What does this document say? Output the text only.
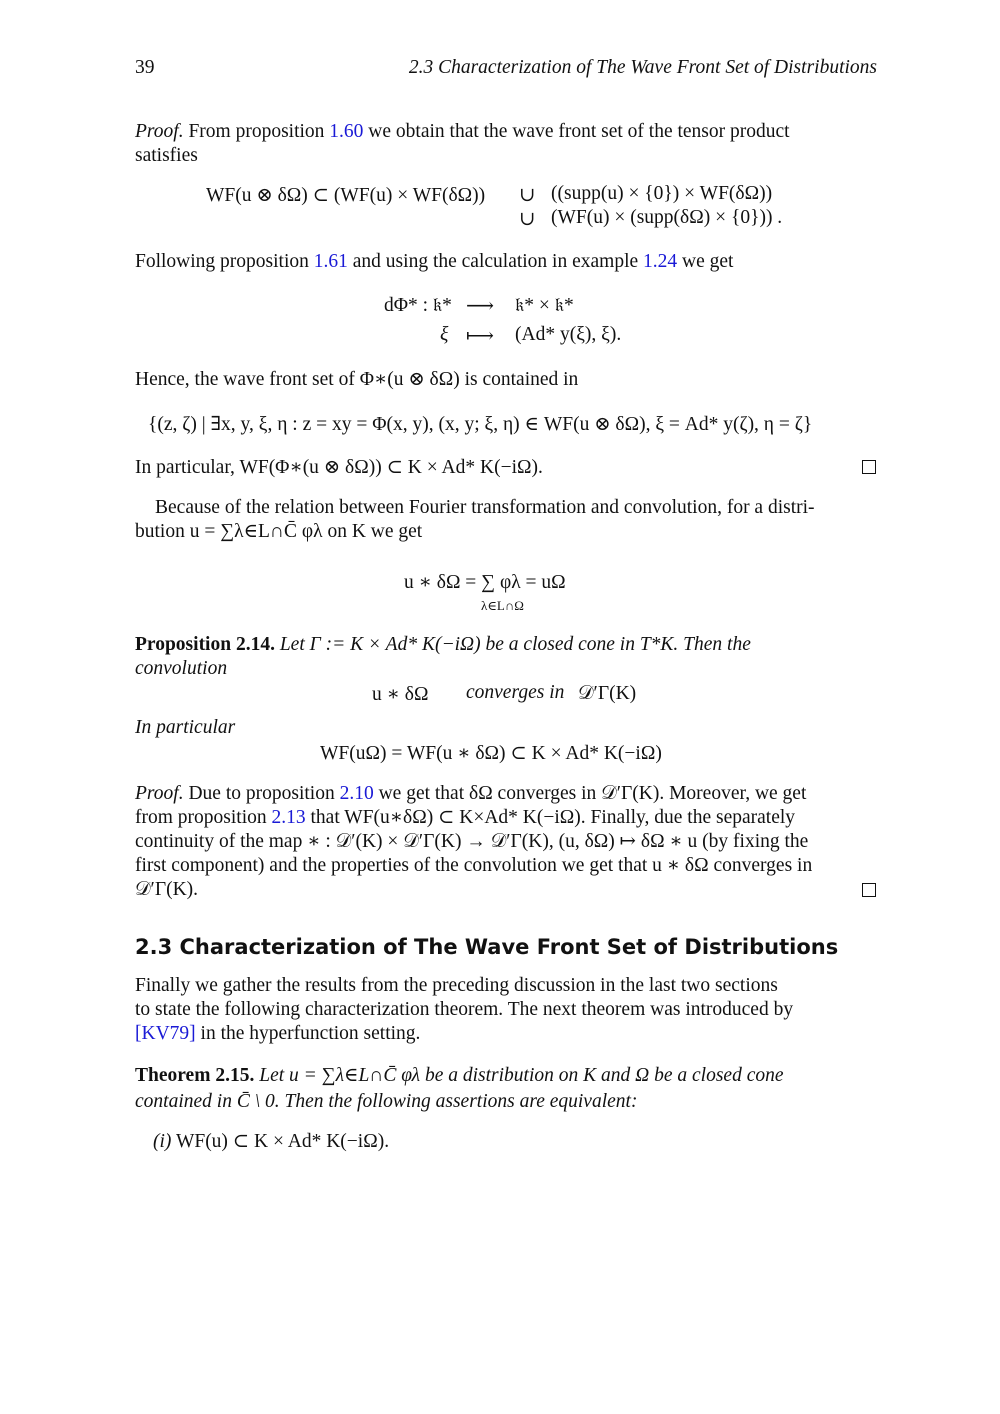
39	2.3 Characterization of The Wave Front Set of Distributions
Proof. From proposition 1.60 we obtain that the wave front set of the tensor product
satisfies
WF(u ⊗ δΩ) ⊂ (WF(u) × WF(δΩ)) ∪ ((supp(u) × {0}) × WF(δΩ))
∪ (WF(u) × (supp(δΩ) × {0})) .
Following proposition 1.61 and using the calculation in example 1.24 we get
dΦ* : 𝔨* ⟶ 𝔨* × 𝔨*
ξ ⟼ (Ad* y(ξ), ξ).
Hence, the wave front set of Φ∗(u ⊗ δΩ) is contained in
{(z, ζ) | ∃x, y, ξ, η : z = xy = Φ(x, y), (x, y; ξ, η) ∈ WF(u ⊗ δΩ), ξ = Ad* y(ζ), η = ζ}
In particular, WF(Φ∗(u ⊗ δΩ)) ⊂ K × Ad* K(−iΩ).
Because of the relation between Fourier transformation and convolution, for a distri-
bution u = ∑λ∈L∩C̄ φλ on K we get
u ∗ δΩ = ∑ φλ = uΩ
λ∈L∩Ω
Proposition 2.14. Let Γ := K × Ad* K(−iΩ) be a closed cone in T*K. Then the
convolution
u ∗ δΩ converges in 𝒟′Γ(K)
In particular
WF(uΩ) = WF(u ∗ δΩ) ⊂ K × Ad* K(−iΩ)
Proof. Due to proposition 2.10 we get that δΩ converges in 𝒟′Γ(K). Moreover, we get
from proposition 2.13 that WF(u∗δΩ) ⊂ K×Ad* K(−iΩ). Finally, due the separately
continuity of the map ∗ : 𝒟′(K) × 𝒟′Γ(K) → 𝒟′Γ(K), (u, δΩ) ↦ δΩ ∗ u (by fixing the
first component) and the properties of the convolution we get that u ∗ δΩ converges in
𝒟′Γ(K).
2.3 Characterization of The Wave Front Set of Distributions
Finally we gather the results from the preceding discussion in the last two sections
to state the following characterization theorem. The next theorem was introduced by
[KV79] in the hyperfunction setting.
Theorem 2.15. Let u = ∑λ∈L∩C̄ φλ be a distribution on K and Ω be a closed cone
contained in C̄ \ 0. Then the following assertions are equivalent:
(i) WF(u) ⊂ K × Ad* K(−iΩ).
